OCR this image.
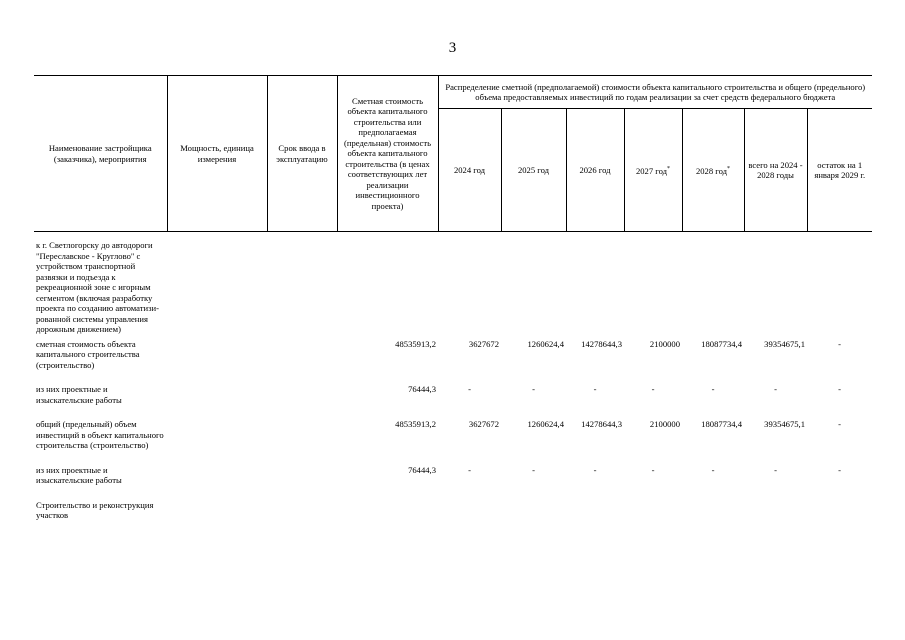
3
Наименование застройщика (заказчика), мероприятия	Мощность, единица измерения	Срок ввода в эксплуатацию	Сметная стоимость объекта капитального строительства или предполагаемая (предельная) стоимость объекта капитального строительства (в ценах соответствующих лет реализации инвестиционного проекта)	Распределение сметной (предполагаемой) стоимости объекта капитального строительства и общего (предельного) объема предоставляемых инвестиций по годам реализации за счет средств федерального бюджета						
				2024 год	2025 год	2026 год	2027 год*	2028 год*	всего на 2024 - 2028 годы	остаток на 1 января 2029 г.

к г. Светлогорску до автодороги "Переславское - Круглово" с устройством транспортной развязки и подъезда к рекреационной зоне с игорным сегментом (включая разработку проекта по созданию автоматизи- рованной системы управления дорожным движением)										
сметная стоимость объекта капитального строительства (строительство)			48535913,2	3627672	1260624,4	14278644,3	2100000	18087734,4	39354675,1	-
из них проектные и изыскательские работы			76444,3	-	-	-	-	-	-	-
общий (предельный) объем инвестиций в объект капитального строительства (строительство)			48535913,2	3627672	1260624,4	14278644,3	2100000	18087734,4	39354675,1	-
из них проектные и изыскательские работы			76444,3	-	-	-	-	-	-	-
Строительство и реконструкция участков										
